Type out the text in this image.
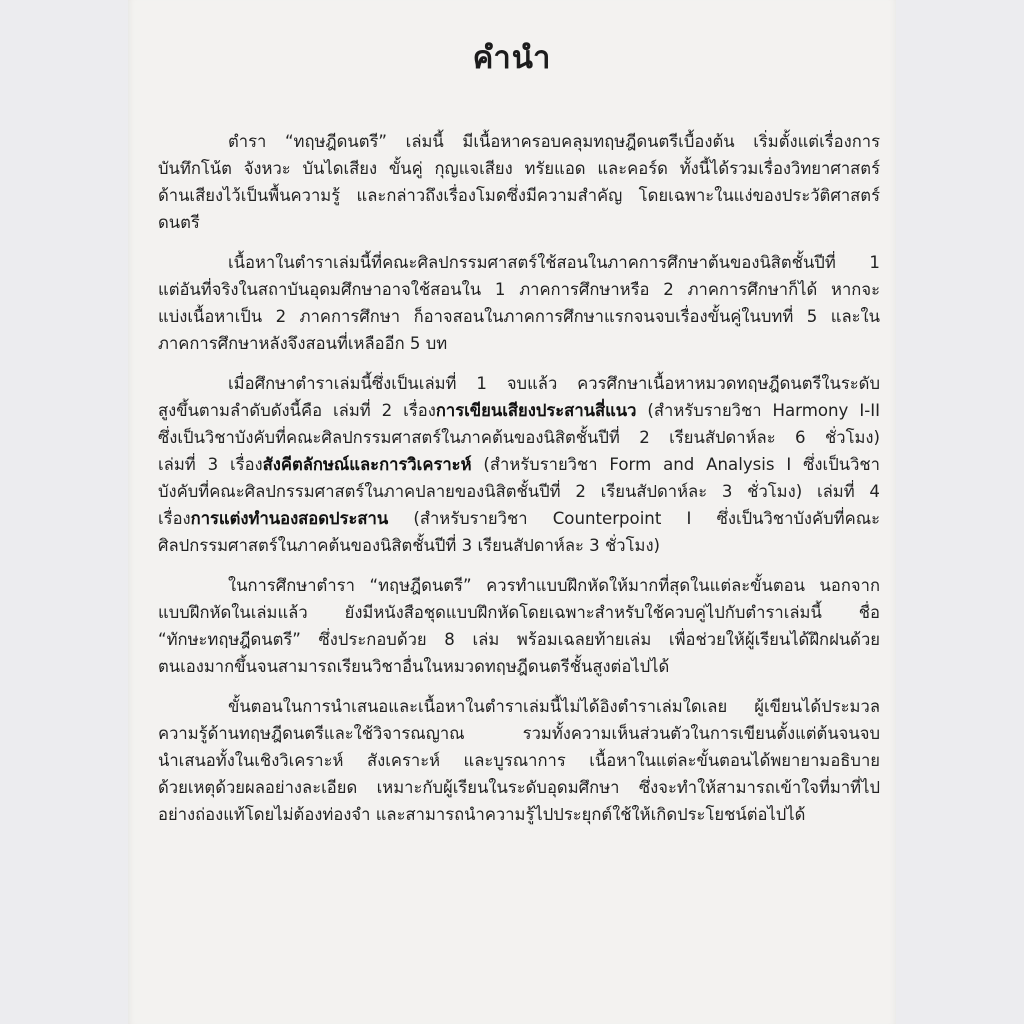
คำนำ
ตำรา “ทฤษฎีดนตรี” เล่มนี้ มีเนื้อหาครอบคลุมทฤษฎีดนตรีเบื้องต้น เริ่มตั้งแต่เรื่องการ
บันทึกโน้ต จังหวะ บันไดเสียง ขั้นคู่ กุญแจเสียง ทรัยแอด และคอร์ด ทั้งนี้ได้รวมเรื่องวิทยาศาสตร์
ด้านเสียงไว้เป็นพื้นความรู้ และกล่าวถึงเรื่องโมดซึ่งมีความสำคัญ โดยเฉพาะในแง่ของประวัติศาสตร์
ดนตรี
เนื้อหาในตำราเล่มนี้ที่คณะศิลปกรรมศาสตร์ใช้สอนในภาคการศึกษาต้นของนิสิตชั้นปีที่ 1
แต่อันที่จริงในสถาบันอุดมศึกษาอาจใช้สอนใน 1 ภาคการศึกษาหรือ 2 ภาคการศึกษาก็ได้ หากจะ
แบ่งเนื้อหาเป็น 2 ภาคการศึกษา ก็อาจสอนในภาคการศึกษาแรกจนจบเรื่องขั้นคู่ในบทที่ 5 และใน
ภาคการศึกษาหลังจึงสอนที่เหลืออีก 5 บท
เมื่อศึกษาตำราเล่มนี้ซึ่งเป็นเล่มที่ 1 จบแล้ว ควรศึกษาเนื้อหาหมวดทฤษฎีดนตรีในระดับ
สูงขึ้นตามลำดับดังนี้คือ เล่มที่ 2 เรื่องการเขียนเสียงประสานสี่แนว (สำหรับรายวิชา Harmony I-II
ซึ่งเป็นวิชาบังคับที่คณะศิลปกรรมศาสตร์ในภาคต้นของนิสิตชั้นปีที่ 2 เรียนสัปดาห์ละ 6 ชั่วโมง)
เล่มที่ 3 เรื่องสังคีตลักษณ์และการวิเคราะห์ (สำหรับรายวิชา Form and Analysis I ซึ่งเป็นวิชา
บังคับที่คณะศิลปกรรมศาสตร์ในภาคปลายของนิสิตชั้นปีที่ 2 เรียนสัปดาห์ละ 3 ชั่วโมง) เล่มที่ 4
เรื่องการแต่งทำนองสอดประสาน (สำหรับรายวิชา Counterpoint I ซึ่งเป็นวิชาบังคับที่คณะ
ศิลปกรรมศาสตร์ในภาคต้นของนิสิตชั้นปีที่ 3 เรียนสัปดาห์ละ 3 ชั่วโมง)
ในการศึกษาตำรา “ทฤษฎีดนตรี” ควรทำแบบฝึกหัดให้มากที่สุดในแต่ละขั้นตอน นอกจาก
แบบฝึกหัดในเล่มแล้ว ยังมีหนังสือชุดแบบฝึกหัดโดยเฉพาะสำหรับใช้ควบคู่ไปกับตำราเล่มนี้ ชื่อ
“ทักษะทฤษฎีดนตรี” ซึ่งประกอบด้วย 8 เล่ม พร้อมเฉลยท้ายเล่ม เพื่อช่วยให้ผู้เรียนได้ฝึกฝนด้วย
ตนเองมากขึ้นจนสามารถเรียนวิชาอื่นในหมวดทฤษฎีดนตรีชั้นสูงต่อไปได้
ขั้นตอนในการนำเสนอและเนื้อหาในตำราเล่มนี้ไม่ได้อิงตำราเล่มใดเลย ผู้เขียนได้ประมวล
ความรู้ด้านทฤษฎีดนตรีและใช้วิจารณญาณ รวมทั้งความเห็นส่วนตัวในการเขียนตั้งแต่ต้นจนจบ
นำเสนอทั้งในเชิงวิเคราะห์ สังเคราะห์ และบูรณาการ เนื้อหาในแต่ละขั้นตอนได้พยายามอธิบาย
ด้วยเหตุด้วยผลอย่างละเอียด เหมาะกับผู้เรียนในระดับอุดมศึกษา ซึ่งจะทำให้สามารถเข้าใจที่มาที่ไป
อย่างถ่องแท้โดยไม่ต้องท่องจำ และสามารถนำความรู้ไปประยุกต์ใช้ให้เกิดประโยชน์ต่อไปได้
